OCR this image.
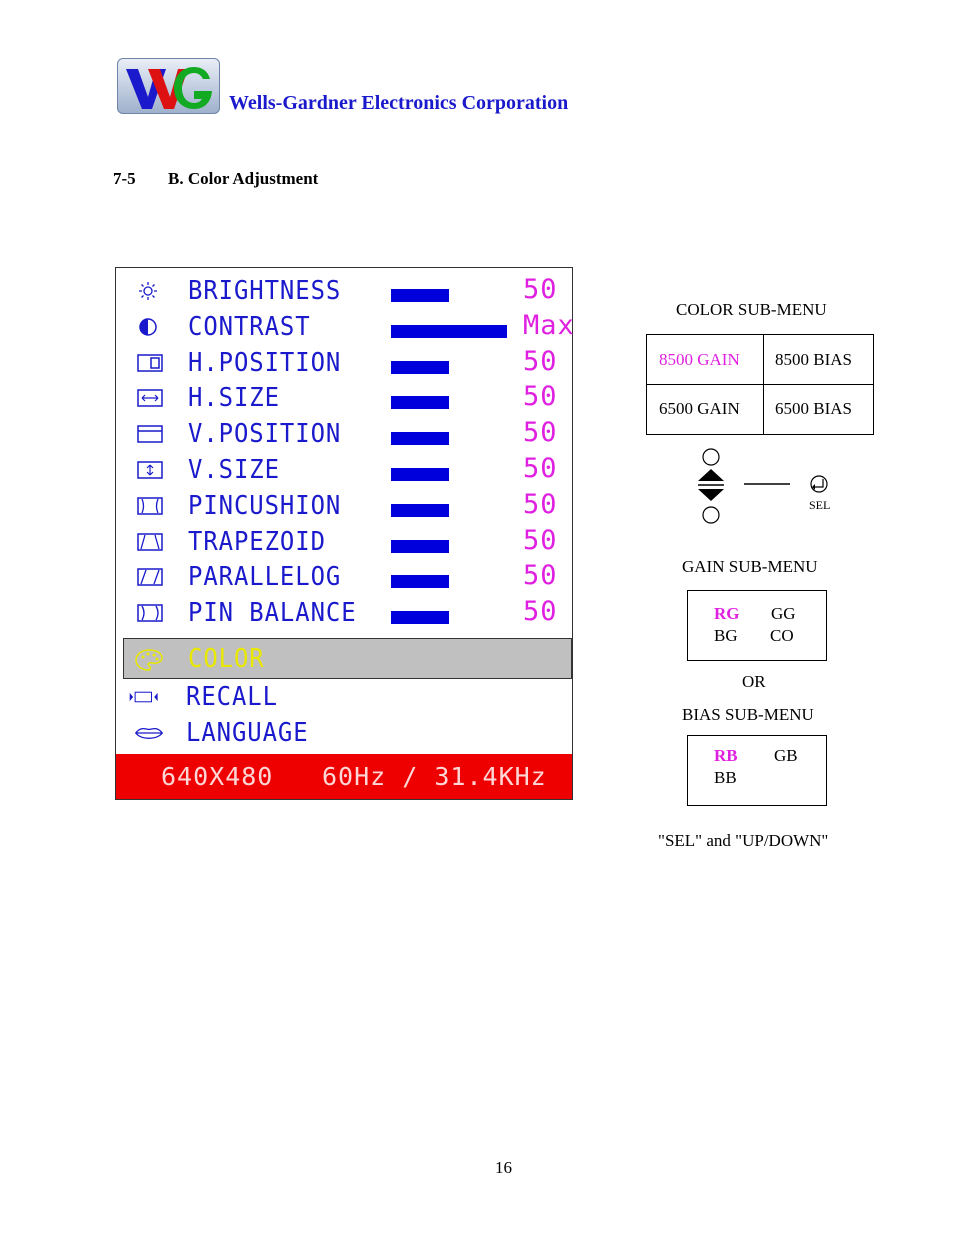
Wells-Gardner Electronics Corporation
7-5 B. Color Adjustment
BRIGHTNESS	50
CONTRAST	Max
H.POSITION	50
H.SIZE	50
V.POSITION	50
V.SIZE	50
PINCUSHION	50
TRAPEZOID	50
PARALLELOG	50
PIN BALANCE	50
COLOR
RECALL
LANGUAGE
640X480 60Hz / 31.4KHz
COLOR SUB-MENU
8500 GAIN 8500 BIAS
6500 GAIN 6500 BIAS
SEL
GAIN SUB-MENU
RG GG
BG CO
OR
BIAS SUB-MENU
RB GB
BB
"SEL" and "UP/DOWN"
16
